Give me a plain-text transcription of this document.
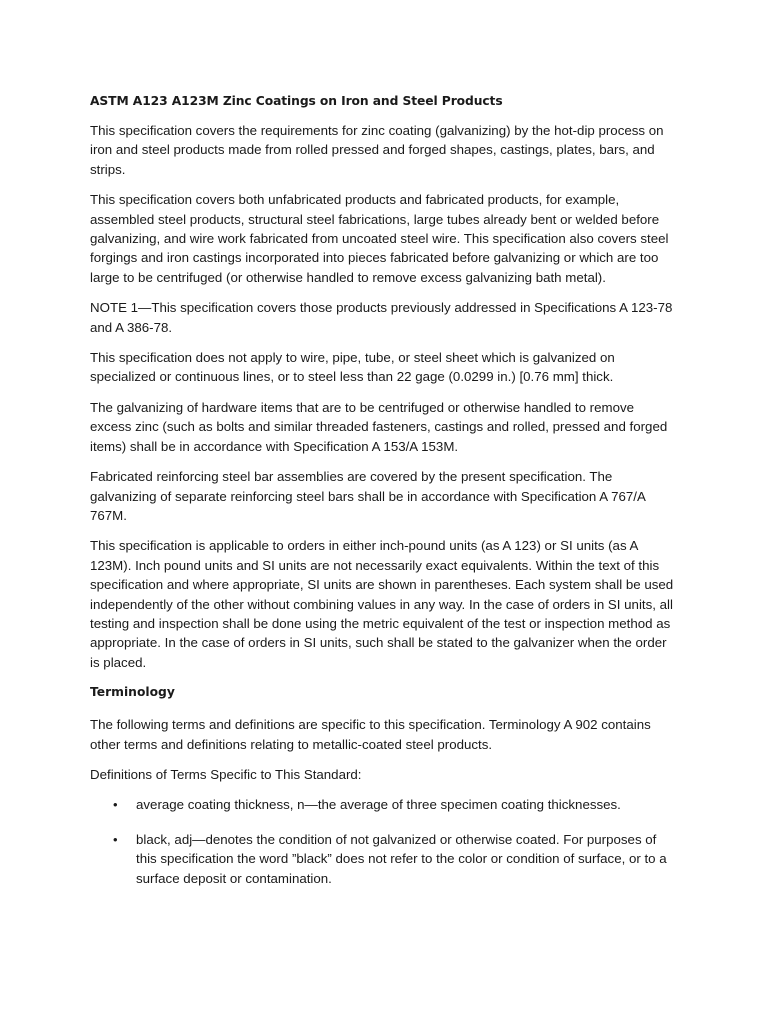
ASTM A123 A123M Zinc Coatings on Iron and Steel Products

This specification covers the requirements for zinc coating (galvanizing) by the hot-dip process on iron and steel products made from rolled pressed and forged shapes, castings, plates, bars, and strips.

This specification covers both unfabricated products and fabricated products, for example, assembled steel products, structural steel fabrications, large tubes already bent or welded before galvanizing, and wire work fabricated from uncoated steel wire. This specification also covers steel forgings and iron castings incorporated into pieces fabricated before galvanizing or which are too large to be centrifuged (or otherwise handled to remove excess galvanizing bath metal).

NOTE 1—This specification covers those products previously addressed in Specifications A 123-78 and A 386-78.

This specification does not apply to wire, pipe, tube, or steel sheet which is galvanized on specialized or continuous lines, or to steel less than 22 gage (0.0299 in.) [0.76 mm] thick.

The galvanizing of hardware items that are to be centrifuged or otherwise handled to remove excess zinc (such as bolts and similar threaded fasteners, castings and rolled, pressed and forged items) shall be in accordance with Specification A 153/A 153M.

Fabricated reinforcing steel bar assemblies are covered by the present specification. The galvanizing of separate reinforcing steel bars shall be in accordance with Specification A 767/A 767M.

This specification is applicable to orders in either inch-pound units (as A 123) or SI units (as A 123M). Inch pound units and SI units are not necessarily exact equivalents. Within the text of this specification and where appropriate, SI units are shown in parentheses. Each system shall be used independently of the other without combining values in any way. In the case of orders in SI units, all testing and inspection shall be done using the metric equivalent of the test or inspection method as appropriate. In the case of orders in SI units, such shall be stated to the galvanizer when the order is placed.

Terminology

The following terms and definitions are specific to this specification. Terminology A 902 contains other terms and definitions relating to metallic-coated steel products.

Definitions of Terms Specific to This Standard:

• average coating thickness, n—the average of three specimen coating thicknesses.
• black, adj—denotes the condition of not galvanized or otherwise coated. For purposes of this specification the word ”black” does not refer to the color or condition of surface, or to a surface deposit or contamination.
